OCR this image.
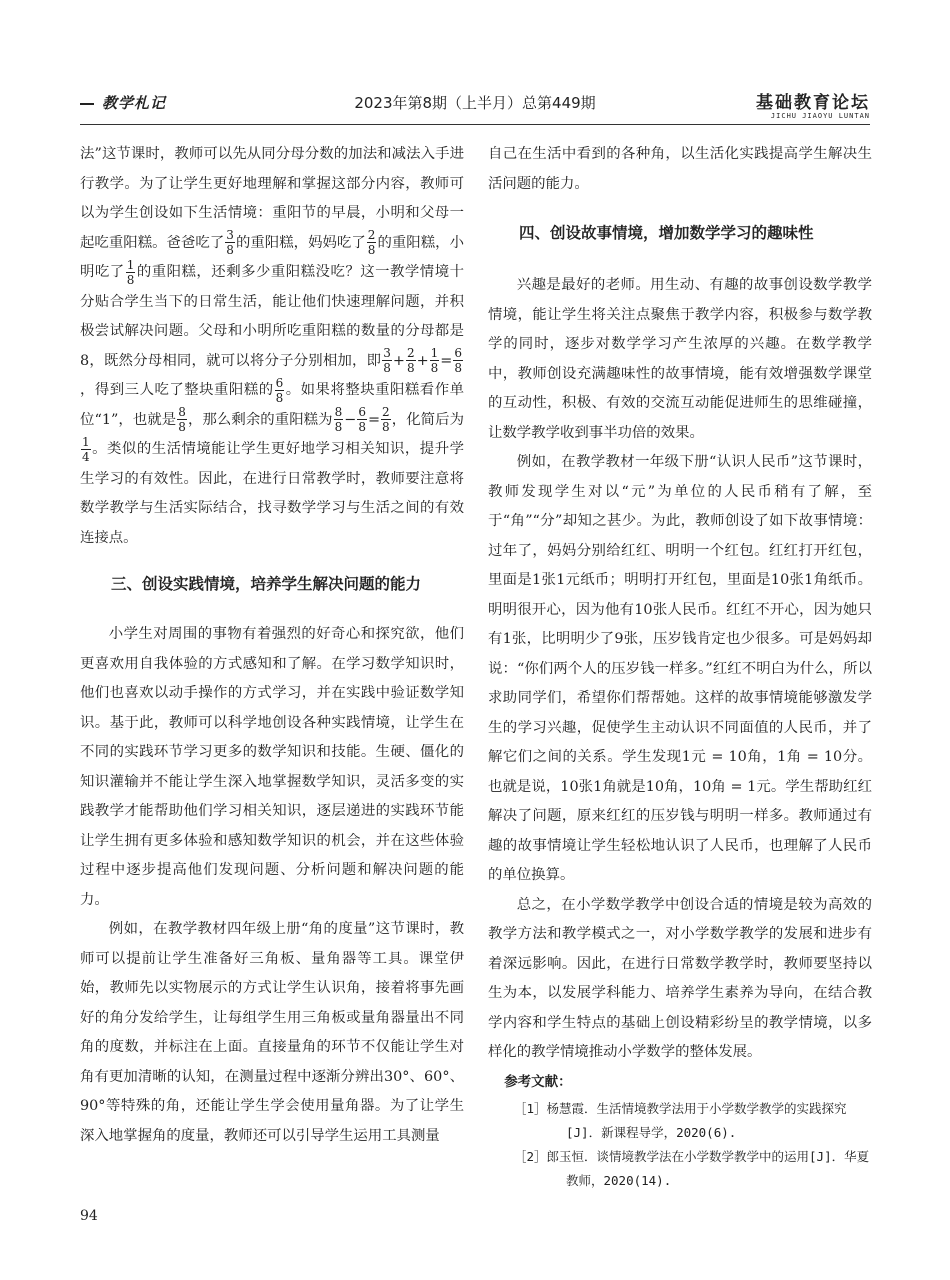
教学札记	2023年第8期（上半月）总第449期	基础教育论坛
JICHU JIAOYU LUNTAN

法”这节课时，教师可以先从同分母分数的加法和减法入手进行教学。为了让学生更好地理解和掌握这部分内容，教师可以为学生创设如下生活情境：重阳节的早晨，小明和父母一起吃重阳糕。爸爸吃了 $\frac{3}{8}$ 的重阳糕，妈妈吃了 $\frac{2}{8}$ 的重阳糕，小明吃了 $\frac{1}{8}$ 的重阳糕，还剩多少重阳糕没吃？这一教学情境十分贴合学生当下的日常生活，能让他们快速理解问题，并积极尝试解决问题。父母和小明所吃重阳糕的数量的分母都是8，既然分母相同，就可以将分子分别相加，即 $\frac{3}{8} + \frac{2}{8} + \frac{1}{8} = \frac{6}{8}$
，得到三人吃了整块重阳糕的 $\frac{6}{8}$ 。如果将整块重阳糕看作单位“1”，也就是 $\frac{8}{8}$ ，那么剩余的重阳糕为 $\frac{8}{8} - \frac{6}{8} = \frac{2}{8}$ ，化简后为
$\frac{1}{4}$ 。类似的生活情境能让学生更好地学习相关知识，提升学生学习的有效性。因此，在进行日常教学时，教师要注意将数学教学与生活实际结合，找寻数学学习与生活之间的有效连接点。

三、创设实践情境，培养学生解决问题的能力

小学生对周围的事物有着强烈的好奇心和探究欲，他们更喜欢用自我体验的方式感知和了解。在学习数学知识时，他们也喜欢以动手操作的方式学习，并在实践中验证数学知识。基于此，教师可以科学地创设各种实践情境，让学生在不同的实践环节学习更多的数学知识和技能。生硬、僵化的知识灌输并不能让学生深入地掌握数学知识，灵活多变的实践教学才能帮助他们学习相关知识，逐层递进的实践环节能让学生拥有更多体验和感知数学知识的机会，并在这些体验过程中逐步提高他们发现问题、分析问题和解决问题的能力。

例如，在教学教材四年级上册“角的度量”这节课时，教师可以提前让学生准备好三角板、量角器等工具。课堂伊始，教师先以实物展示的方式让学生认识角，接着将事先画好的角分发给学生，让每组学生用三角板或量角器量出不同角的度数，并标注在上面。直接量角的环节不仅能让学生对角有更加清晰的认知，在测量过程中逐渐分辨出30°、60°、90°等特殊的角，还能让学生学会使用量角器。为了让学生深入地掌握角的度量，教师还可以引导学生运用工具测量

自己在生活中看到的各种角，以生活化实践提高学生解决生活问题的能力。

四、创设故事情境，增加数学学习的趣味性

兴趣是最好的老师。用生动、有趣的故事创设数学教学情境，能让学生将关注点聚焦于教学内容，积极参与数学教学的同时，逐步对数学学习产生浓厚的兴趣。在数学教学中，教师创设充满趣味性的故事情境，能有效增强数学课堂的互动性，积极、有效的交流互动能促进师生的思维碰撞，让数学教学收到事半功倍的效果。

例如，在教学教材一年级下册“认识人民币”这节课时，教师发现学生对以“元”为单位的人民币稍有了解，至于“角”“分”却知之甚少。为此，教师创设了如下故事情境：过年了，妈妈分别给红红、明明一个红包。红红打开红包，里面是1张1元纸币；明明打开红包，里面是10张1角纸币。明明很开心，因为他有10张人民币。红红不开心，因为她只有1张，比明明少了9张，压岁钱肯定也少很多。可是妈妈却说：“你们两个人的压岁钱一样多。”红红不明白为什么，所以求助同学们，希望你们帮帮她。这样的故事情境能够激发学生的学习兴趣，促使学生主动认识不同面值的人民币，并了解它们之间的关系。学生发现1元 = 10角，1角 = 10分。也就是说，10张1角就是10角，10角 = 1元。学生帮助红红解决了问题，原来红红的压岁钱与明明一样多。教师通过有趣的故事情境让学生轻松地认识了人民币，也理解了人民币的单位换算。

总之，在小学数学教学中创设合适的情境是较为高效的教学方法和教学模式之一，对小学数学教学的发展和进步有着深远影响。因此，在进行日常数学教学时，教师要坚持以生为本，以发展学科能力、培养学生素养为导向，在结合教学内容和学生特点的基础上创设精彩纷呈的教学情境，以多样化的教学情境推动小学数学的整体发展。

参考文献：
［1］杨慧霞．生活情境教学法用于小学数学教学的实践探究[J]．新课程导学，2020(6).
［2］郎玉恒．谈情境教学法在小学数学教学中的运用[J]．华夏教师，2020(14).
94
